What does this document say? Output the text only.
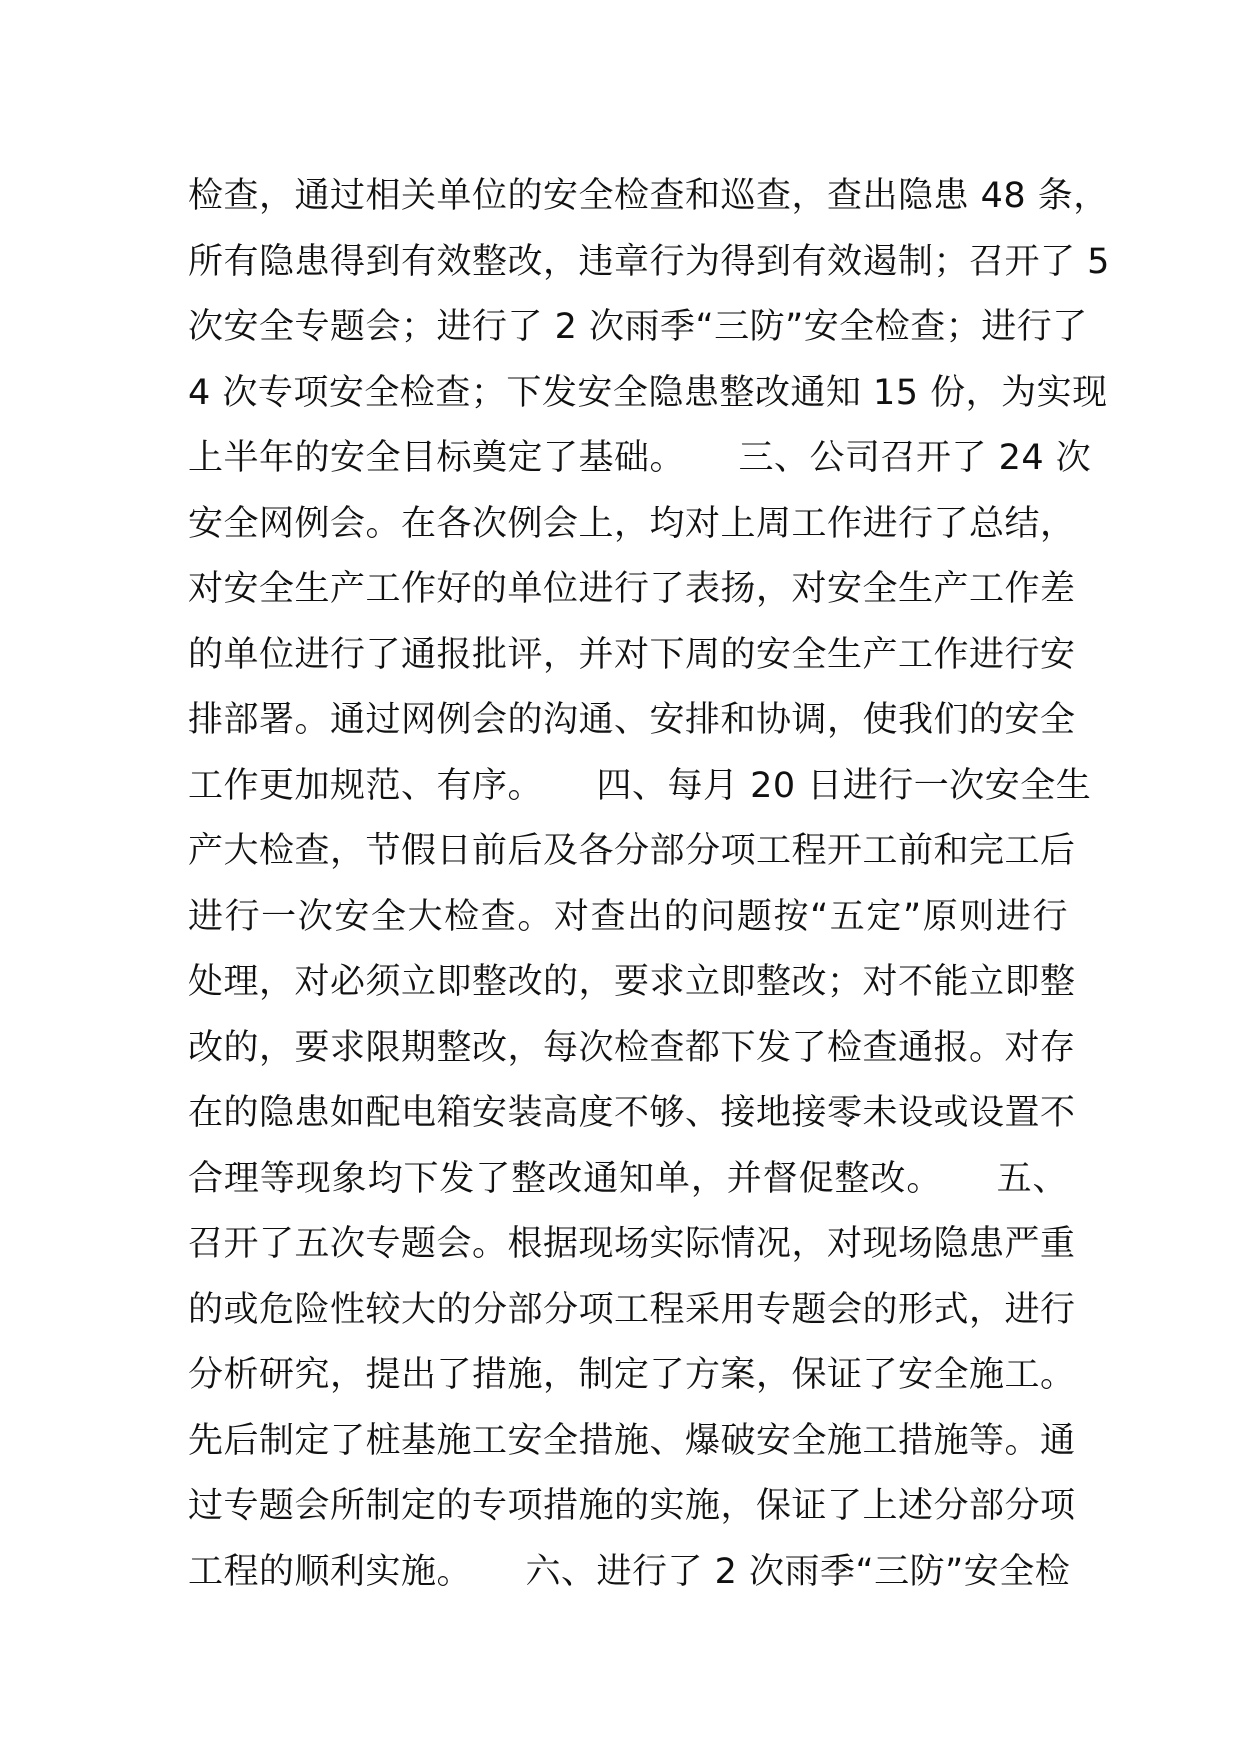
检查，通过相关单位的安全检查和巡查，查出隐患 48 条，
所有隐患得到有效整改，违章行为得到有效遏制；召开了 5
次安全专题会；进行了 2 次雨季“三防”安全检查；进行了
4 次专项安全检查；下发安全隐患整改通知 15 份，为实现
上半年的安全目标奠定了基础。　　三、公司召开了 24 次
安全网例会。在各次例会上，均对上周工作进行了总结，
对安全生产工作好的单位进行了表扬，对安全生产工作差
的单位进行了通报批评，并对下周的安全生产工作进行安
排部署。通过网例会的沟通、安排和协调，使我们的安全
工作更加规范、有序。　　四、每月 20 日进行一次安全生
产大检查，节假日前后及各分部分项工程开工前和完工后
进行一次安全大检查。对查出的问题按“五定”原则进行
处理，对必须立即整改的，要求立即整改；对不能立即整
改的，要求限期整改，每次检查都下发了检查通报。对存
在的隐患如配电箱安装高度不够、接地接零未设或设置不
合理等现象均下发了整改通知单，并督促整改。　　五、
召开了五次专题会。根据现场实际情况，对现场隐患严重
的或危险性较大的分部分项工程采用专题会的形式，进行
分析研究，提出了措施，制定了方案，保证了安全施工。
先后制定了桩基施工安全措施、爆破安全施工措施等。通
过专题会所制定的专项措施的实施，保证了上述分部分项
工程的顺利实施。　　六、进行了 2 次雨季“三防”安全检
